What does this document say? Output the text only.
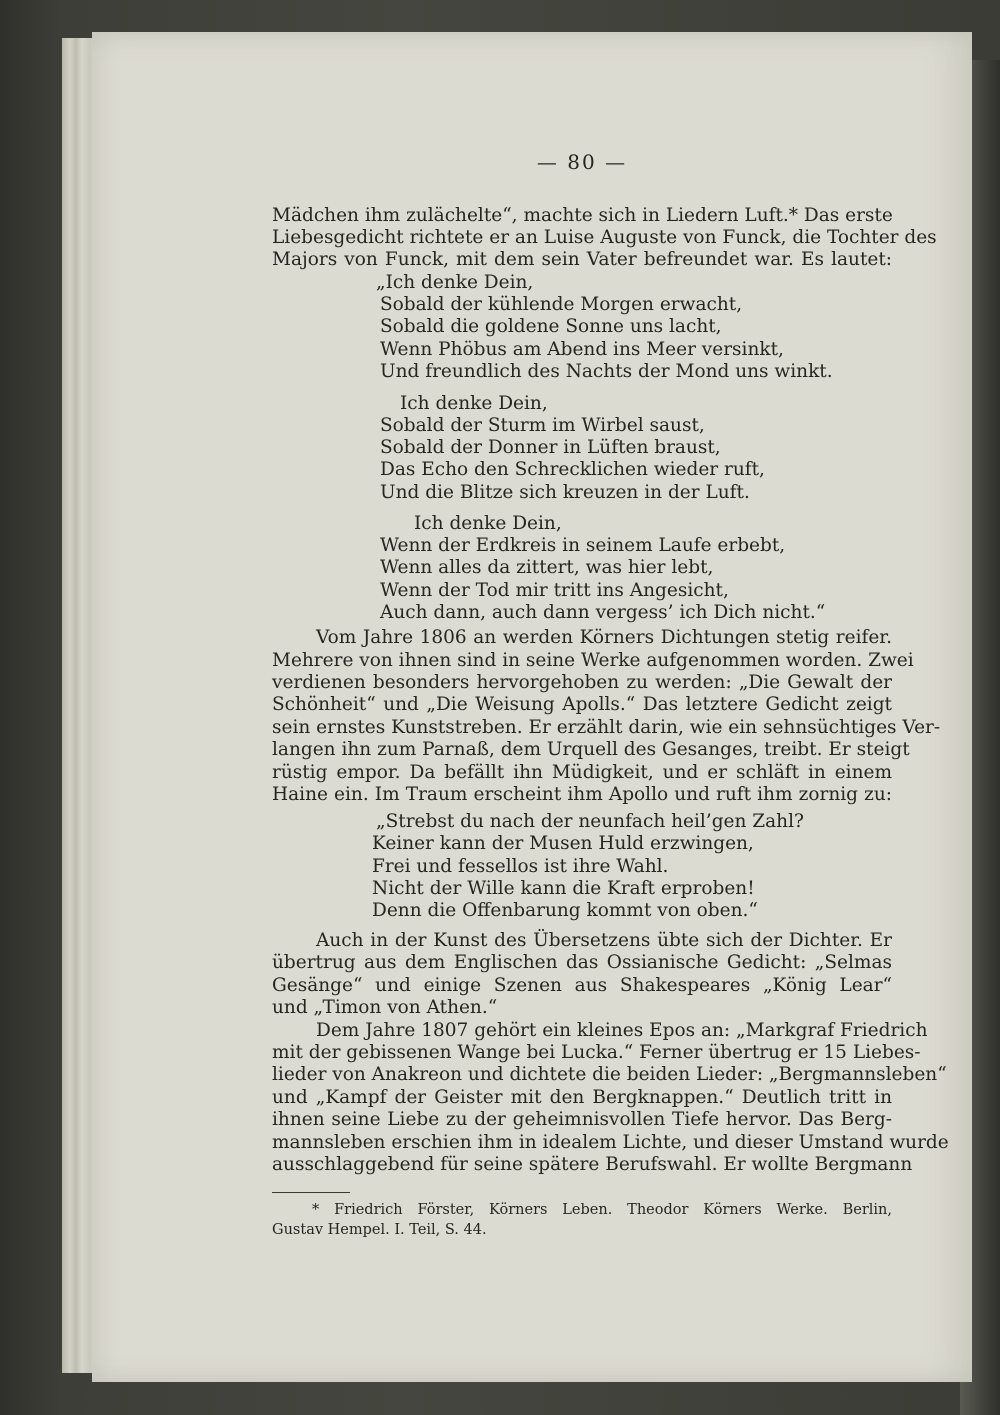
— 80 —
Mädchen ihm zulächelte“, machte sich in Liedern Luft.* Das erste
Liebesgedicht richtete er an Luise Auguste von Funck, die Tochter des
Majors von Funck, mit dem sein Vater befreundet war. Es lautet:
„Ich denke Dein,
Sobald der kühlende Morgen erwacht,
Sobald die goldene Sonne uns lacht,
Wenn Phöbus am Abend ins Meer versinkt,
Und freundlich des Nachts der Mond uns winkt.
Ich denke Dein,
Sobald der Sturm im Wirbel saust,
Sobald der Donner in Lüften braust,
Das Echo den Schrecklichen wieder ruft,
Und die Blitze sich kreuzen in der Luft.
Ich denke Dein,
Wenn der Erdkreis in seinem Laufe erbebt,
Wenn alles da zittert, was hier lebt,
Wenn der Tod mir tritt ins Angesicht,
Auch dann, auch dann vergess’ ich Dich nicht.“
Vom Jahre 1806 an werden Körners Dichtungen stetig reifer.
Mehrere von ihnen sind in seine Werke aufgenommen worden. Zwei
verdienen besonders hervorgehoben zu werden: „Die Gewalt der
Schönheit“ und „Die Weisung Apolls.“ Das letztere Gedicht zeigt
sein ernstes Kunststreben. Er erzählt darin, wie ein sehnsüchtiges Ver-
langen ihn zum Parnaß, dem Urquell des Gesanges, treibt. Er steigt
rüstig empor. Da befällt ihn Müdigkeit, und er schläft in einem
Haine ein. Im Traum erscheint ihm Apollo und ruft ihm zornig zu:
„Strebst du nach der neunfach heil’gen Zahl?
Keiner kann der Musen Huld erzwingen,
Frei und fessellos ist ihre Wahl.
Nicht der Wille kann die Kraft erproben!
Denn die Offenbarung kommt von oben.“
Auch in der Kunst des Übersetzens übte sich der Dichter. Er
übertrug aus dem Englischen das Ossianische Gedicht: „Selmas
Gesänge“ und einige Szenen aus Shakespeares „König Lear“
und „Timon von Athen.“
Dem Jahre 1807 gehört ein kleines Epos an: „Markgraf Friedrich
mit der gebissenen Wange bei Lucka.“ Ferner übertrug er 15 Liebes-
lieder von Anakreon und dichtete die beiden Lieder: „Bergmannsleben“
und „Kampf der Geister mit den Bergknappen.“ Deutlich tritt in
ihnen seine Liebe zu der geheimnisvollen Tiefe hervor. Das Berg-
mannsleben erschien ihm in idealem Lichte, und dieser Umstand wurde
ausschlaggebend für seine spätere Berufswahl. Er wollte Bergmann
* Friedrich Förster, Körners Leben. Theodor Körners Werke. Berlin,
Gustav Hempel. I. Teil, S. 44.
